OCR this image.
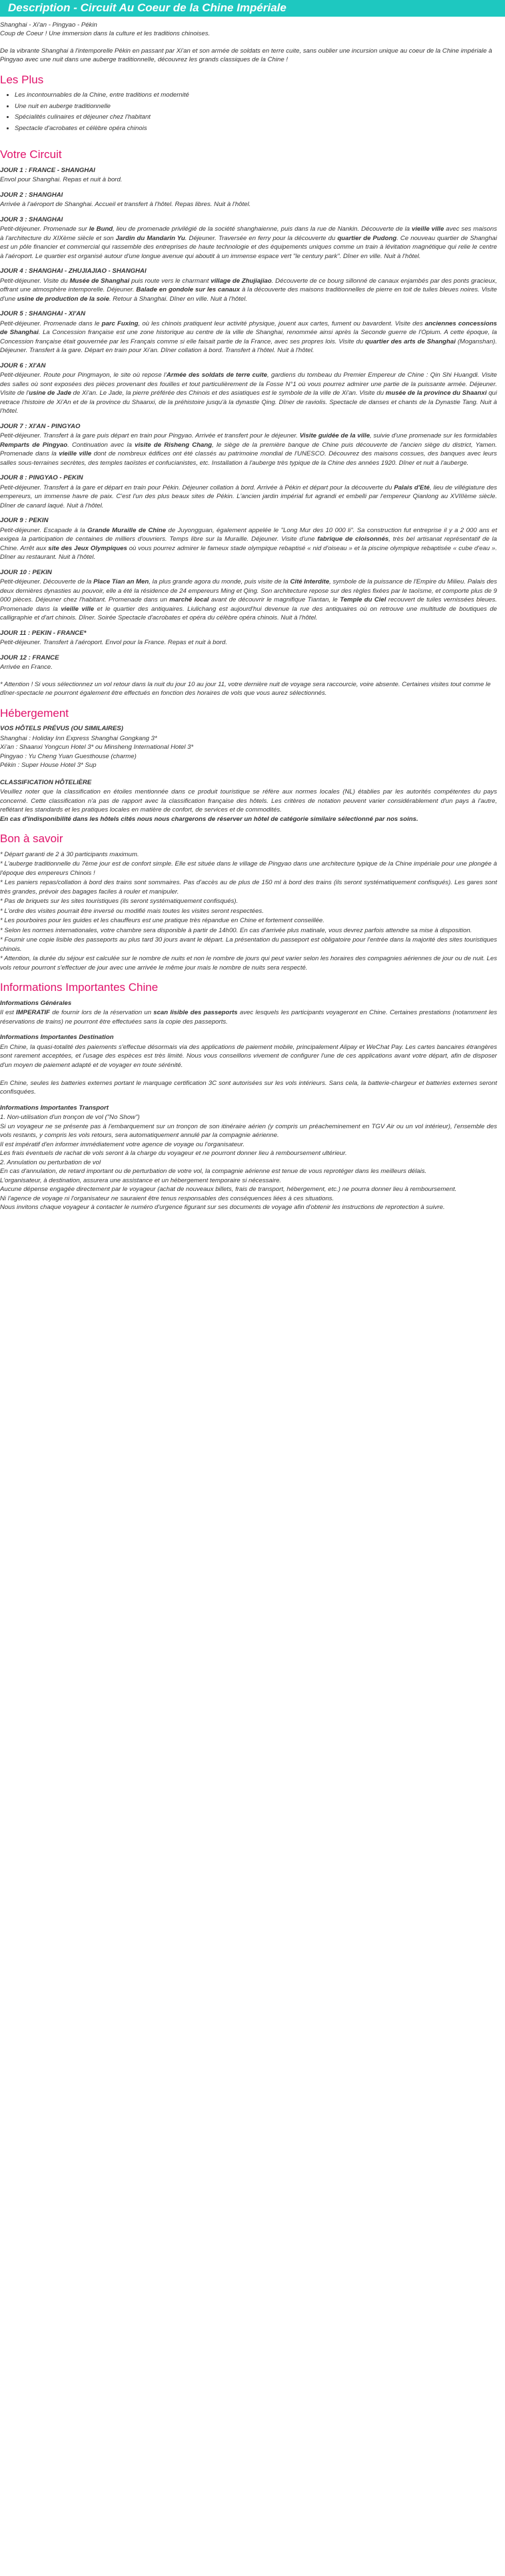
Description - Circuit Au Coeur de la Chine Impériale

Shanghai - Xi'an - Pingyao - Pékin

Coup de Coeur ! Une immersion dans la culture et les traditions chinoises.

De la vibrante Shanghai à l'intemporelle Pékin en passant par Xi'an et son armée de soldats en terre cuite, sans oublier une incursion unique au coeur de la Chine impériale à Pingyao avec une nuit dans une auberge traditionnelle, découvrez les grands classiques de la Chine !

Les Plus
• Les incontournables de la Chine, entre traditions et modernité
• Une nuit en auberge traditionnelle
• Spécialités culinaires et déjeuner chez l'habitant
• Spectacle d'acrobates et célèbre opéra chinois
Votre Circuit
JOUR 1 : FRANCE - SHANGHAI
Envol pour Shanghai. Repas et nuit à bord.
JOUR 2 : SHANGHAI
Arrivée à l'aéroport de Shanghai. Accueil et transfert à l'hôtel. Repas libres. Nuit à l'hôtel.
JOUR 3 : SHANGHAI
Petit-déjeuner. Promenade sur le Bund, lieu de promenade privilégié de la société shanghaienne, puis dans la rue de Nankin. Découverte de la vieille ville avec ses maisons à l'architecture du XIXème siècle et son Jardin du Mandarin Yu. Déjeuner. Traversée en ferry pour la découverte du quartier de Pudong. Ce nouveau quartier de Shanghai est un pôle financier et commercial qui rassemble des entreprises de haute technologie et des équipements uniques comme un train à lévitation magnétique qui relie le centre à l'aéroport. Le quartier est organisé autour d'une longue avenue qui aboutit à un immense espace vert "le century park". Dîner en ville. Nuit à l'hôtel.
JOUR 4 : SHANGHAI - ZHUJIAJIAO - SHANGHAI
Petit-déjeuner. Visite du Musée de Shanghai puis route vers le charmant village de Zhujiajiao. Découverte de ce bourg sillonné de canaux enjambés par des ponts gracieux, offrant une atmosphère intemporelle. Déjeuner. Balade en gondole sur les canaux à la découverte des maisons traditionnelles de pierre en toit de tuiles bleues noires. Visite d'une usine de production de la soie. Retour à Shanghai. Dîner en ville. Nuit à l'hôtel.
JOUR 5 : SHANGHAI - XI'AN
Petit-déjeuner. Promenade dans le parc Fuxing, où les chinois pratiquent leur activité physique, jouent aux cartes, fument ou bavardent. Visite des anciennes concessions de Shanghai. La Concession française est une zone historique au centre de la ville de Shanghai, renommée ainsi après la Seconde guerre de l'Opium. A cette époque, la Concession française était gouvernée par les Français comme si elle faisait partie de la France, avec ses propres lois. Visite du quartier des arts de Shanghai (Moganshan). Déjeuner. Transfert à la gare. Départ en train pour Xi'an. Dîner collation à bord. Transfert à l'hôtel. Nuit à l'hôtel.
JOUR 6 : XI'AN
Petit-déjeuner. Route pour Pingmayon, le site où repose l'Armée des soldats de terre cuite, gardiens du tombeau du Premier Empereur de Chine : Qin Shi Huangdi. Visite des salles où sont exposées des pièces provenant des fouilles et tout particulièrement de la Fosse N°1 où vous pourrez admirer une partie de la puissante armée. Déjeuner. Visite de l'usine de Jade de Xi'an. Le Jade, la pierre préférée des Chinois et des asiatiques est le symbole de la ville de Xi'an. Visite du musée de la province du Shaanxi qui retrace l'histoire de Xi'An et de la province du Shaanxi, de la préhistoire jusqu'à la dynastie Qing. Dîner de raviolis. Spectacle de danses et chants de la Dynastie Tang. Nuit à l'hôtel.
JOUR 7 : XI'AN - PINGYAO
Petit-déjeuner. Transfert à la gare puis départ en train pour Pingyao. Arrivée et transfert pour le déjeuner. Visite guidée de la ville, suivie d'une promenade sur les formidables Remparts de Pingyao. Continuation avec la visite de Risheng Chang, le siège de la première banque de Chine puis découverte de l'ancien siège du district, Yamen. Promenade dans la vieille ville dont de nombreux édifices ont été classés au patrimoine mondial de l'UNESCO. Découvrez des maisons cossues, des banques avec leurs salles sous-terraines secrètes, des temples taoïstes et confucianistes, etc. Installation à l'auberge très typique de la Chine des années 1920. Dîner et nuit à l'auberge.
JOUR 8 : PINGYAO - PEKIN
Petit-déjeuner. Transfert à la gare et départ en train pour Pékin. Déjeuner collation à bord. Arrivée à Pékin et départ pour la découverte du Palais d'Eté, lieu de villégiature des empereurs, un immense havre de paix. C'est l'un des plus beaux sites de Pékin. L'ancien jardin impérial fut agrandi et embelli par l'empereur Qianlong au XVIIIème siècle. Dîner de canard laqué. Nuit à l'hôtel.
JOUR 9 : PEKIN
Petit-déjeuner. Escapade à la Grande Muraille de Chine de Juyongguan, également appelée le "Long Mur des 10 000 li". Sa construction fut entreprise il y a 2 000 ans et exigea la participation de centaines de milliers d'ouvriers. Temps libre sur la Muraille. Déjeuner. Visite d'une fabrique de cloisonnés, très bel artisanat représentatif de la Chine. Arrêt aux site des Jeux Olympiques où vous pourrez admirer le fameux stade olympique rebaptisé « nid d'oiseau » et la piscine olympique rebaptisée « cube d'eau ». Dîner au restaurant. Nuit à l'hôtel.
JOUR 10 : PEKIN
Petit-déjeuner. Découverte de la Place Tian an Men, la plus grande agora du monde, puis visite de la Cité Interdite, symbole de la puissance de l'Empire du Milieu. Palais des deux dernières dynasties au pouvoir, elle a été la résidence de 24 empereurs Ming et Qing. Son architecture repose sur des règles fixées par le taoïsme, et comporte plus de 9 000 pièces. Déjeuner chez l'habitant. Promenade dans un marché local avant de découvrir le magnifique Tiantan, le Temple du Ciel recouvert de tuiles vernissées bleues. Promenade dans la vieille ville et le quartier des antiquaires. Liulichang est aujourd'hui devenue la rue des antiquaires où on retrouve une multitude de boutiques de calligraphie et d'art chinois. Dîner. Soirée Spectacle d'acrobates et opéra du célèbre opéra chinois. Nuit à l'hôtel.
JOUR 11 : PEKIN - FRANCE*
Petit-déjeuner. Transfert à l'aéroport. Envol pour la France. Repas et nuit à bord.
JOUR 12 : FRANCE
Arrivée en France.

* Attention ! Si vous sélectionnez un vol retour dans la nuit du jour 10 au jour 11, votre dernière nuit de voyage sera raccourcie, voire absente. Certaines visites tout comme le dîner-spectacle ne pourront également être effectués en fonction des horaires de vols que vous aurez sélectionnés.

Hébergement
VOS HÔTELS PRÉVUS (OU SIMILAIRES)
Shanghai : Holiday Inn Express Shanghai Gongkang 3*
Xi'an : Shaanxi Yongcun Hotel 3* ou Minsheng International Hotel 3*
Pingyao : Yu Cheng Yuan Guesthouse (charme)
Pékin : Super House Hotel 3* Sup
CLASSIFICATION HÔTELIÈRE

Veuillez noter que la classification en étoiles mentionnée dans ce produit touristique se réfère aux normes locales (NL) établies par les autorités compétentes du pays concerné. Cette classification n'a pas de rapport avec la classification française des hôtels. Les critères de notation peuvent varier considérablement d'un pays à l'autre, reflétant les standards et les pratiques locales en matière de confort, de services et de commodités.

En cas d'indisponibilité dans les hôtels cités nous nous chargerons de réserver un hôtel de catégorie similaire sélectionné par nos soins.

Bon à savoir
* Départ garanti de 2 à 30 participants maximum.
* L'auberge traditionnelle du 7ème jour est de confort simple. Elle est située dans le village de Pingyao dans une architecture typique de la Chine impériale pour une plongée à l'époque des empereurs Chinois !
* Les paniers repas/collation à bord des trains sont sommaires. Pas d'accès au de plus de 150 ml à bord des trains (ils seront systématiquement confisqués). Les gares sont très grandes, prévoir des bagages faciles à rouler et manipuler.
* Pas de briquets sur les sites touristiques (ils seront systématiquement confisqués).
* L'ordre des visites pourrait être inversé ou modifié mais toutes les visites seront respectées.
* Les pourboires pour les guides et les chauffeurs est une pratique très répandue en Chine et fortement conseillée.
* Selon les normes internationales, votre chambre sera disponible à partir de 14h00. En cas d'arrivée plus matinale, vous devrez parfois attendre sa mise à disposition.
* Fournir une copie lisible des passeports au plus tard 30 jours avant le départ. La présentation du passeport est obligatoire pour l'entrée dans la majorité des sites touristiques chinois.
* Attention, la durée du séjour est calculée sur le nombre de nuits et non le nombre de jours qui peut varier selon les horaires des compagnies aériennes de jour ou de nuit. Les vols retour pourront s'effectuer de jour avec une arrivée le même jour mais le nombre de nuits sera respecté.
Informations Importantes Chine
Informations Générales
Il est IMPERATIF de fournir lors de la réservation un scan lisible des passeports avec lesquels les participants voyageront en Chine. Certaines prestations (notamment les réservations de trains) ne pourront être effectuées sans la copie des passeports.
Informations Importantes Destination
En Chine, la quasi-totalité des paiements s'effectue désormais via des applications de paiement mobile, principalement Alipay et WeChat Pay. Les cartes bancaires étrangères sont rarement acceptées, et l'usage des espèces est très limité. Nous vous conseillons vivement de configurer l'une de ces applications avant votre départ, afin de disposer d'un moyen de paiement adapté et de voyager en toute sérénité.

En Chine, seules les batteries externes portant le marquage certification 3C sont autorisées sur les vols intérieurs. Sans cela, la batterie-chargeur et batteries externes seront confisquées.
Informations Importantes Transport
1. Non-utilisation d'un tronçon de vol ("No Show")
Si un voyageur ne se présente pas à l'embarquement sur un tronçon de son itinéraire aérien (y compris un préacheminement en TGV Air ou un vol intérieur), l'ensemble des vols restants, y compris les vols retours, sera automatiquement annulé par la compagnie aérienne.
Il est impératif d'en informer immédiatement votre agence de voyage ou l'organisateur.
Les frais éventuels de rachat de vols seront à la charge du voyageur et ne pourront donner lieu à remboursement ultérieur.
2. Annulation ou perturbation de vol
En cas d'annulation, de retard important ou de perturbation de votre vol, la compagnie aérienne est tenue de vous reprotéger dans les meilleurs délais.
L'organisateur, à destination, assurera une assistance et un hébergement temporaire si nécessaire.
Aucune dépense engagée directement par le voyageur (achat de nouveaux billets, frais de transport, hébergement, etc.) ne pourra donner lieu à remboursement.
Ni l'agence de voyage ni l'organisateur ne sauraient être tenus responsables des conséquences liées à ces situations.
Nous invitons chaque voyageur à contacter le numéro d'urgence figurant sur ses documents de voyage afin d'obtenir les instructions de reprotection à suivre.
